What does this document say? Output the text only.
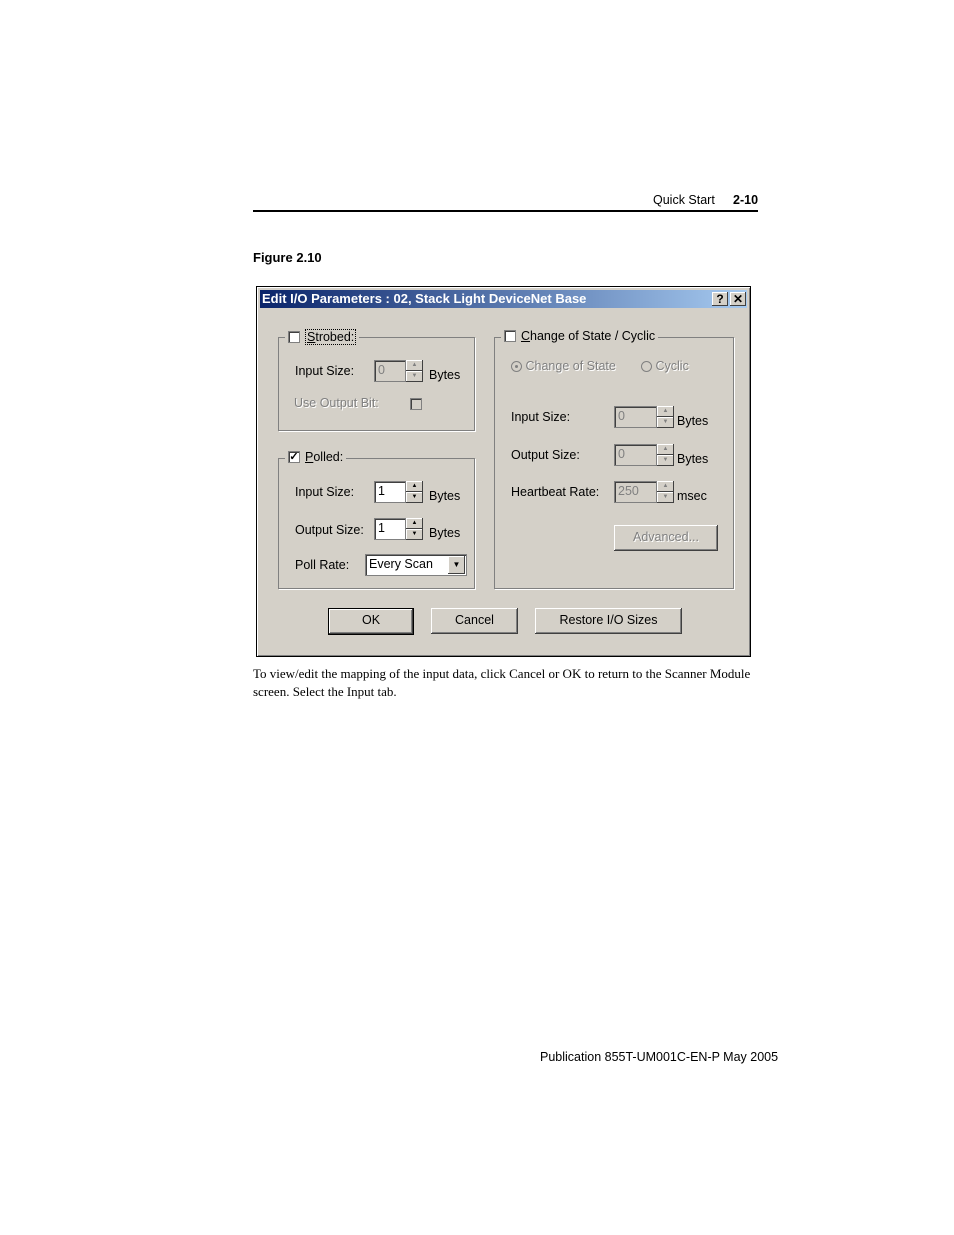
Quick Start 2-10
Figure 2.10
Edit I/O Parameters : 02, Stack Light DeviceNet Base	? ✕
Strobed:
Input Size:	0	▲
▼ Bytes
Use Output Bit:
✓ Polled:
Input Size:	1	▲
▼ Bytes
Output Size:	1	▲
▼ Bytes
Poll Rate:	Every Scan	▼
Change of State / Cyclic
Change of State	Cyclic
Input Size:	0	▲
▼ Bytes
Output Size:	0	▲
▼ Bytes
Heartbeat Rate:	250	▲
▼ msec
Advanced...
OK	Cancel	Restore I/O Sizes
To view/edit the mapping of the input data, click Cancel or OK to return to the Scanner Module screen. Select the Input tab.
Publication 855T-UM001C-EN-P May 2005
